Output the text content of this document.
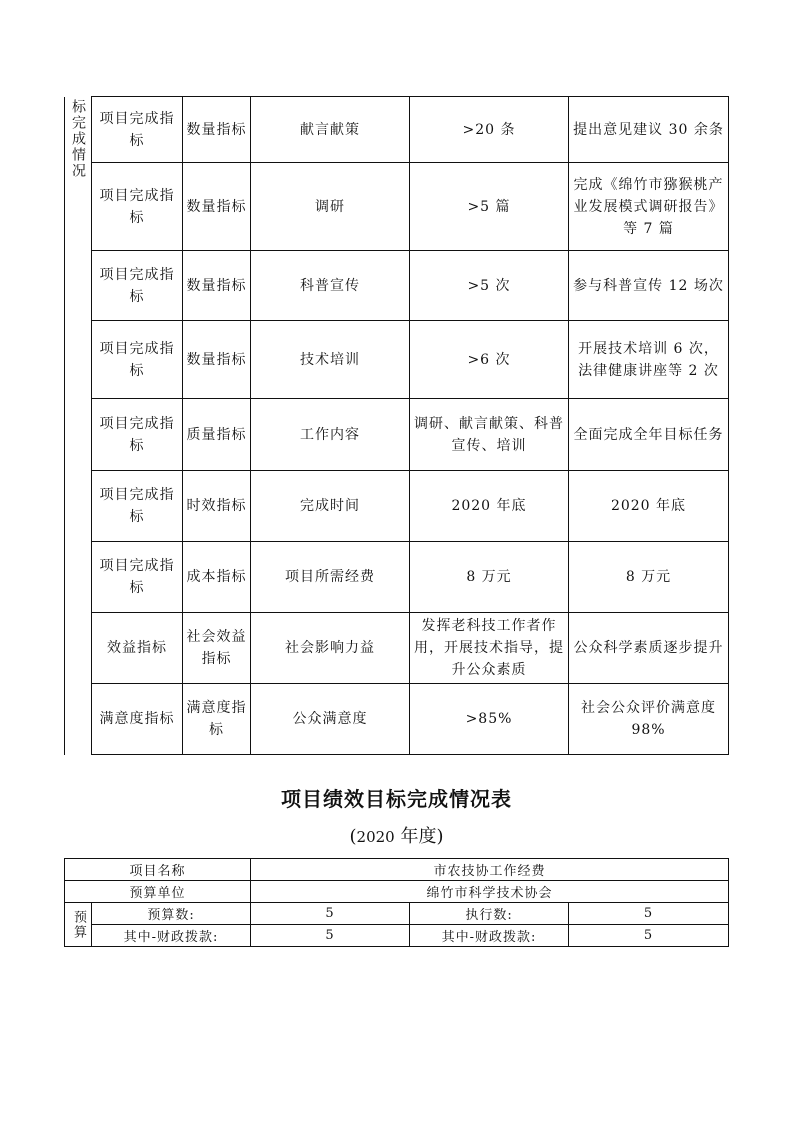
标完成情况	项目完成指标	数量指标	献言献策	>20 条	提出意见建议 30 余条
	项目完成指标	数量指标	调研	>5 篇	完成《绵竹市猕猴桃产业发展模式调研报告》等 7 篇
	项目完成指标	数量指标	科普宣传	>5 次	参与科普宣传 12 场次
	项目完成指标	数量指标	技术培训	>6 次	开展技术培训 6 次，法律健康讲座等 2 次
	项目完成指标	质量指标	工作内容	调研、献言献策、科普宣传、培训	全面完成全年目标任务
	项目完成指标	时效指标	完成时间	2020 年底	2020 年底
	项目完成指标	成本指标	项目所需经费	8 万元	8 万元
	效益指标	社会效益指标	社会影响力益	发挥老科技工作者作用，开展技术指导，提升公众素质	公众科学素质逐步提升
	满意度指标	满意度指标	公众满意度	>85%	社会公众评价满意度 98%
项目绩效目标完成情况表
(2020 年度)
项目名称		市农技协工作经费		
预算单位		绵竹市科学技术协会		

预算	预算数:	5	执行数:	5
	其中-财政拨款:	5	其中-财政拨款:	5
